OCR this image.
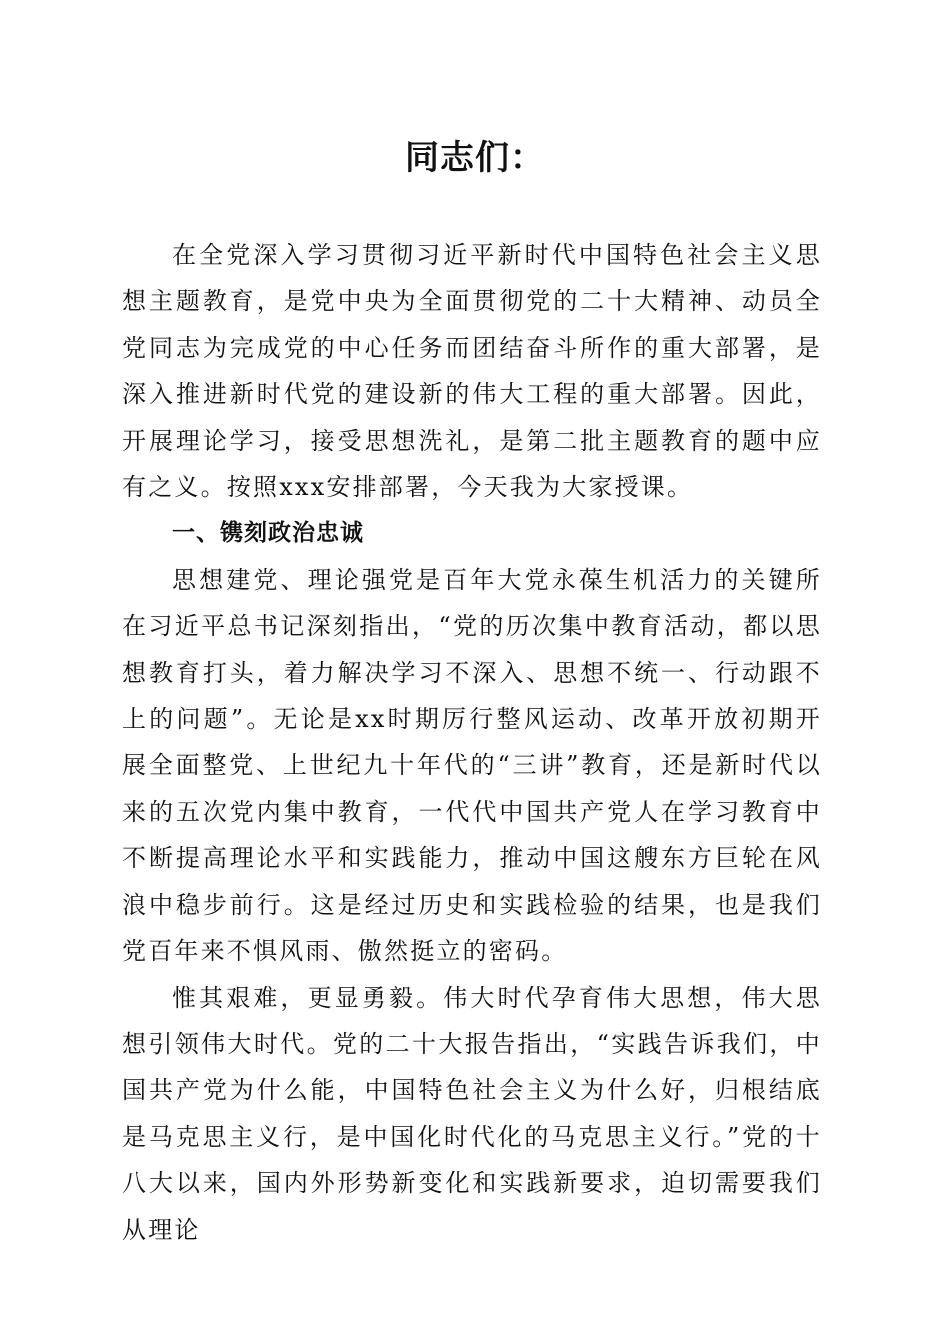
同志们：

在全党深入学习贯彻习近平新时代中国特色社会主义思想主题教育，是党中央为全面贯彻党的二十大精神、动员全党同志为完成党的中心任务而团结奋斗所作的重大部署，是深入推进新时代党的建设新的伟大工程的重大部署。因此，开展理论学习，接受思想洗礼，是第二批主题教育的题中应有之义。按照xxx安排部署，今天我为大家授课。

一、镌刻政治忠诚

思想建党、理论强党是百年大党永葆生机活力的关键所在习近平总书记深刻指出，“党的历次集中教育活动，都以思想教育打头，着力解决学习不深入、思想不统一、行动跟不上的问题”。无论是xx时期厉行整风运动、改革开放初期开展全面整党、上世纪九十年代的“三讲”教育，还是新时代以来的五次党内集中教育，一代代中国共产党人在学习教育中不断提高理论水平和实践能力，推动中国这艘东方巨轮在风浪中稳步前行。这是经过历史和实践检验的结果，也是我们党百年来不惧风雨、傲然挺立的密码。

惟其艰难，更显勇毅。伟大时代孕育伟大思想，伟大思想引领伟大时代。党的二十大报告指出，“实践告诉我们，中国共产党为什么能，中国特色社会主义为什么好，归根结底是马克思主义行，是中国化时代化的马克思主义行。”党的十八大以来，国内外形势新变化和实践新要求，迫切需要我们从理论
